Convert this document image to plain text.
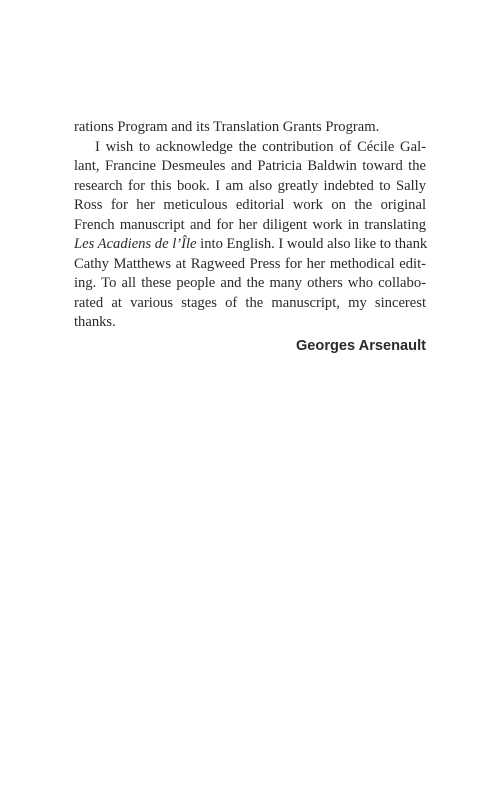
rations Program and its Translation Grants Program.
I wish to acknowledge the contribution of Cécile Gal-
lant, Francine Desmeules and Patricia Baldwin toward the
research for this book. I am also greatly indebted to Sally
Ross for her meticulous editorial work on the original
French manuscript and for her diligent work in translating
Les Acadiens de l’Île into English. I would also like to thank
Cathy Matthews at Ragweed Press for her methodical edit-
ing. To all these people and the many others who collabo-
rated at various stages of the manuscript, my sincerest
thanks.
Georges Arsenault
